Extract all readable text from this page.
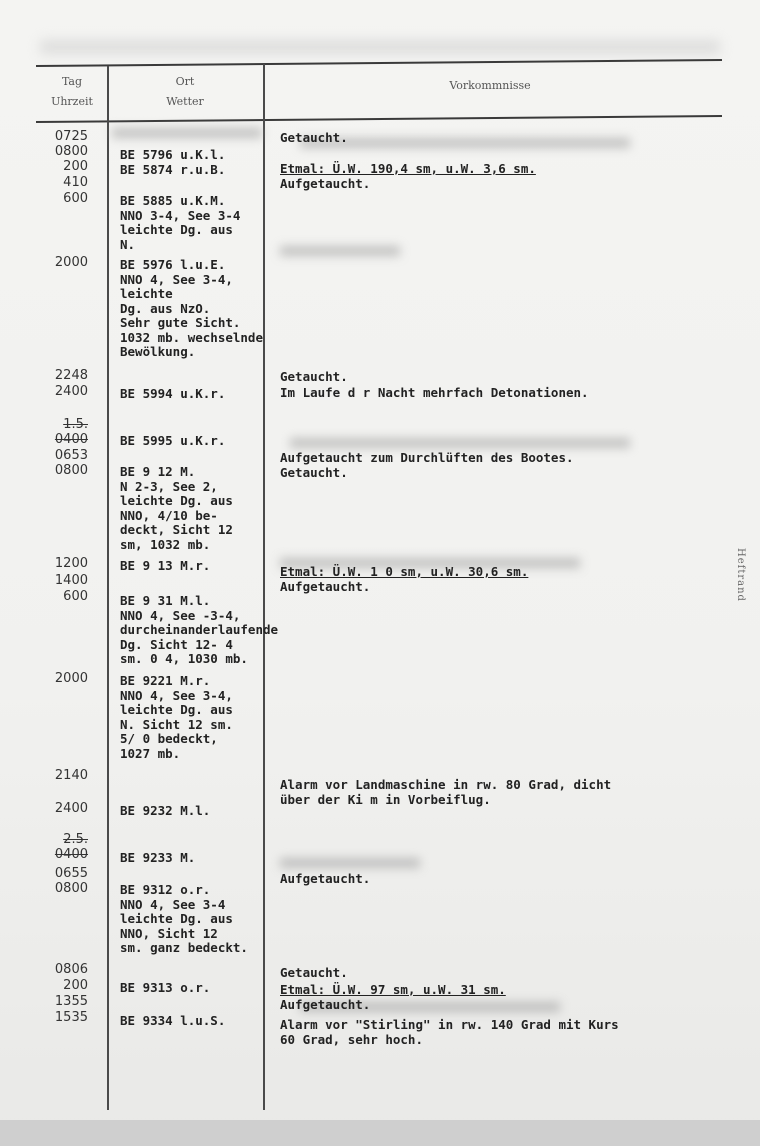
Tag
Uhrzeit
Ort
Wetter
Vorkommnisse
Heftrand
0725
0800
200
410
600
2000
2248
2400
1.5.
0400
0653
0800
1200
1400
600
2000
2140
2400
2.5.
0400
0655
0800
0806
200
1355
1535
BE 5796 u.K.l.
BE 5874 r.u.B.
BE 5885 u.K.M.
NNO 3-4, See 3-4
leichte Dg. aus
N.
BE 5976 l.u.E.
NNO 4, See 3-4,
leichte
Dg. aus NzO.
Sehr gute Sicht.
1032 mb. wechselnde
Bewölkung.
BE 5994 u.K.r.
BE 5995 u.K.r.
BE 9 12 M.
N 2-3, See 2,
leichte Dg. aus
NNO, 4/10 be-
deckt, Sicht 12
sm, 1032 mb.
BE 9 13 M.r.
BE 9 31 M.l.
NNO 4, See -3-4,
durcheinanderlaufende
Dg. Sicht 12- 4
sm. 0 4, 1030 mb.
BE 9221 M.r.
NNO 4, See 3-4,
leichte Dg. aus
N. Sicht 12 sm.
5/ 0 bedeckt,
1027 mb.
BE 9232 M.l.
BE 9233 M.
BE 9312 o.r.
NNO 4, See 3-4
leichte Dg. aus
NNO, Sicht 12
sm. ganz bedeckt.
BE 9313 o.r.
BE 9334 l.u.S.
Getaucht.
Etmal: Ü.W. 190,4 sm, u.W. 3,6 sm.
Aufgetaucht.
Getaucht.
Im Laufe d r Nacht mehrfach Detonationen.
Aufgetaucht zum Durchlüften des Bootes.
Getaucht.
Etmal: Ü.W. 1 0 sm, u.W. 30,6 sm.
Aufgetaucht.
Alarm vor Landmaschine in rw. 80 Grad, dicht
über der Ki m in Vorbeiflug.
Aufgetaucht.
Getaucht.
Etmal: Ü.W. 97 sm, u.W. 31 sm.
Aufgetaucht.
Alarm vor "Stirling" in rw. 140 Grad mit Kurs
60 Grad, sehr hoch.
